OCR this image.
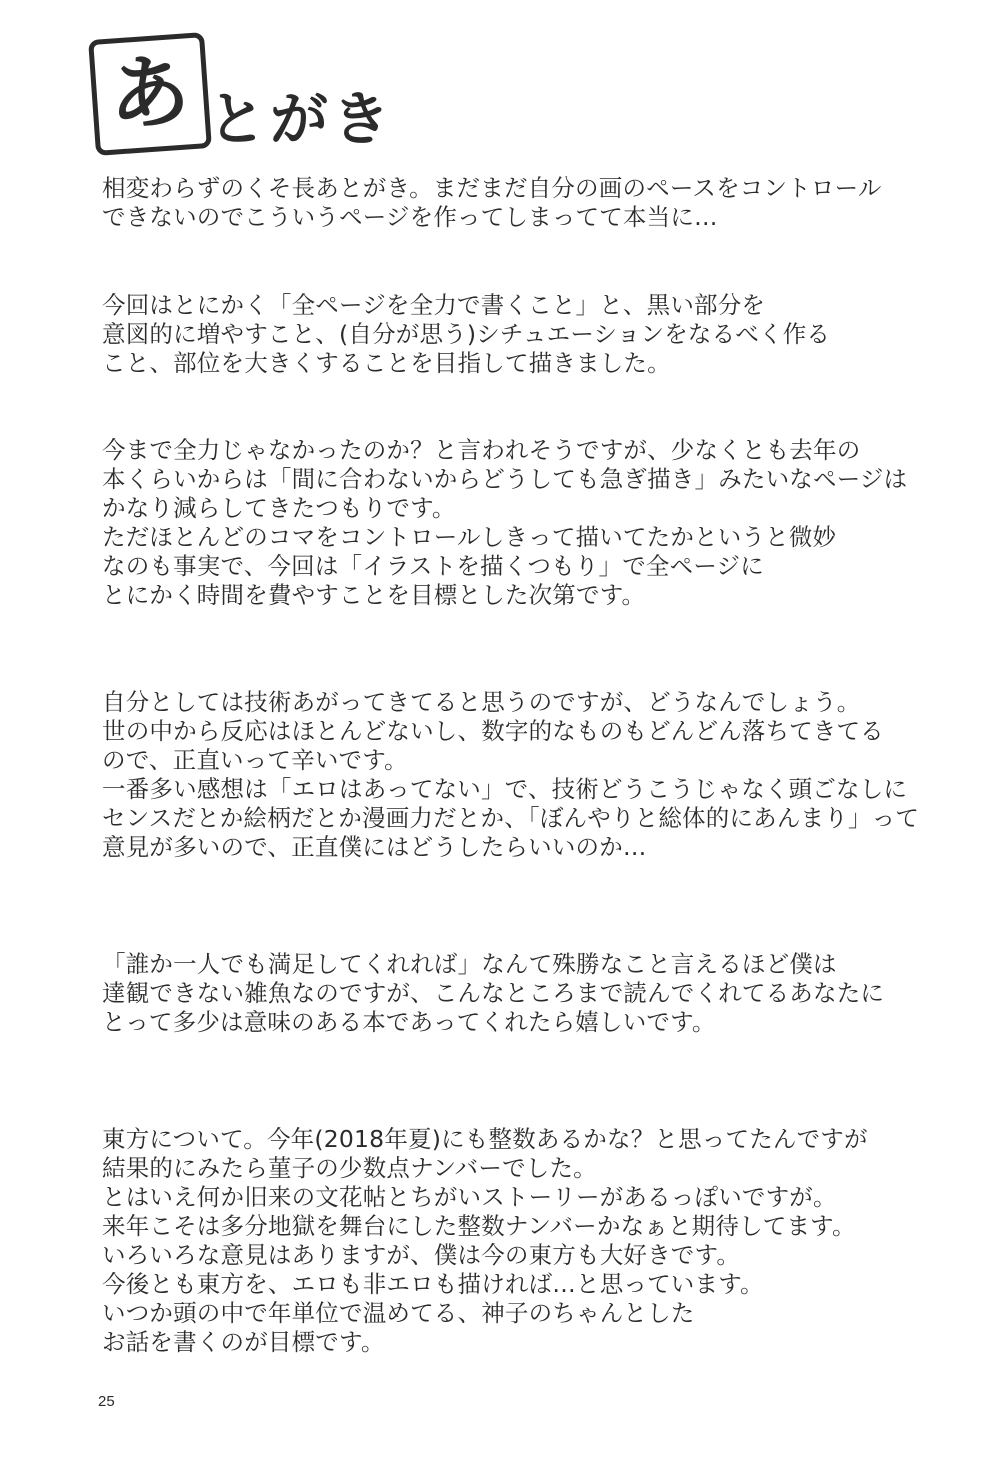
あ とがき

相変わらずのくそ長あとがき。まだまだ自分の画のペースをコントロール

できないのでこういうページを作ってしまってて本当に…

今回はとにかく「全ページを全力で書くこと」と、黒い部分を

意図的に増やすこと、(自分が思う)シチュエーションをなるべく作る

こと、部位を大きくすることを目指して描きました。

今まで全力じゃなかったのか？と言われそうですが、少なくとも去年の

本くらいからは「間に合わないからどうしても急ぎ描き」みたいなページは

かなり減らしてきたつもりです。

ただほとんどのコマをコントロールしきって描いてたかというと微妙

なのも事実で、今回は「イラストを描くつもり」で全ページに

とにかく時間を費やすことを目標とした次第です。

自分としては技術あがってきてると思うのですが、どうなんでしょう。

世の中から反応はほとんどないし、数字的なものもどんどん落ちてきてる

ので、正直いって辛いです。

一番多い感想は「エロはあってない」で、技術どうこうじゃなく頭ごなしに

センスだとか絵柄だとか漫画力だとか、「ぼんやりと総体的にあんまり」って

意見が多いので、正直僕にはどうしたらいいのか…

「誰か一人でも満足してくれれば」なんて殊勝なこと言えるほど僕は

達観できない雑魚なのですが、こんなところまで読んでくれてるあなたに

とって多少は意味のある本であってくれたら嬉しいです。

東方について。今年(2018年夏)にも整数あるかな？と思ってたんですが

結果的にみたら菫子の少数点ナンバーでした。

とはいえ何か旧来の文花帖とちがいストーリーがあるっぽいですが。

来年こそは多分地獄を舞台にした整数ナンバーかなぁと期待してます。

いろいろな意見はありますが、僕は今の東方も大好きです。

今後とも東方を、エロも非エロも描ければ…と思っています。

いつか頭の中で年単位で温めてる、神子のちゃんとした

お話を書くのが目標です。

25
